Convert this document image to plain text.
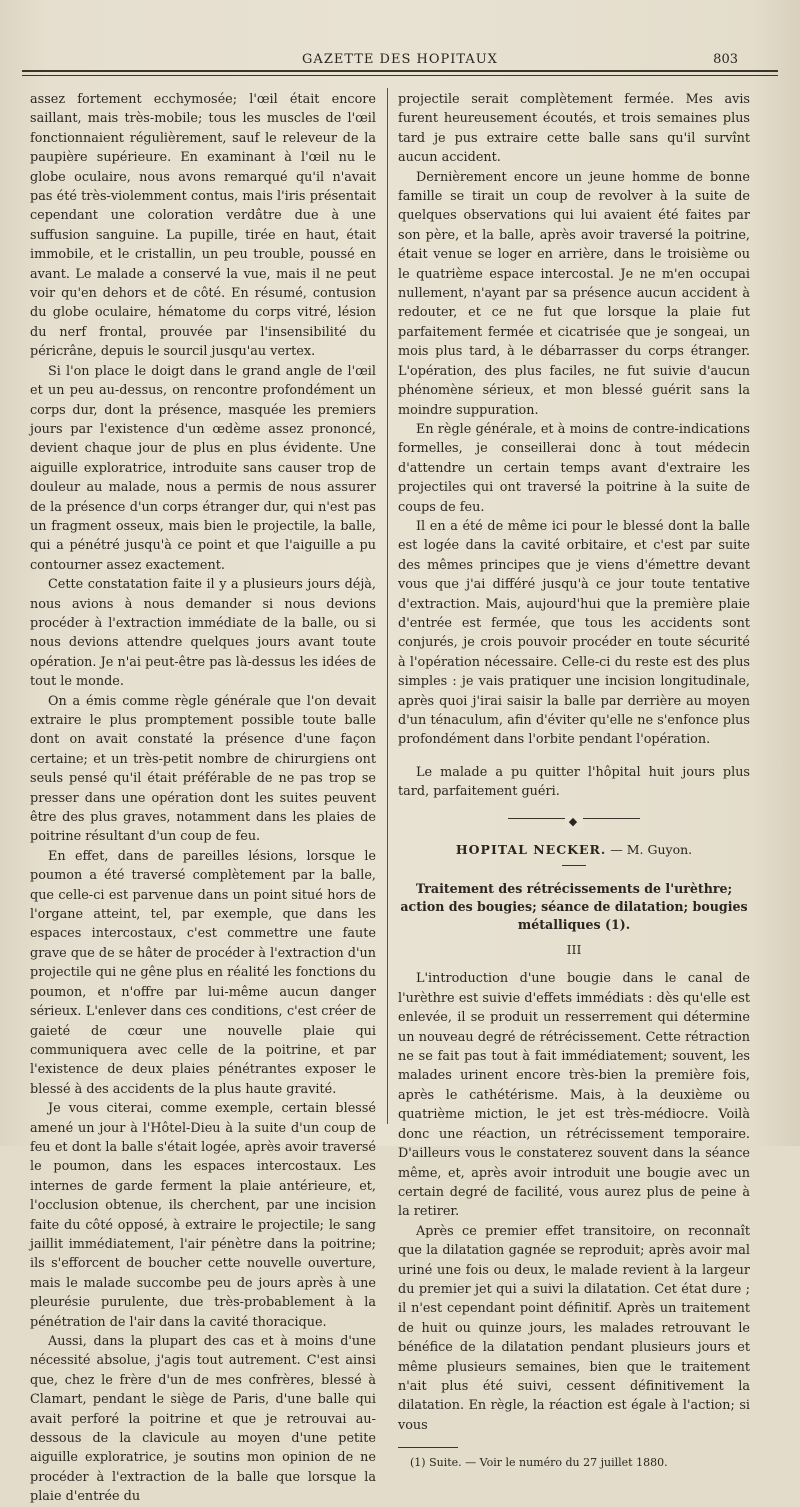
GAZETTE DES HOPITAUX	803

assez fortement ecchymosée; l'œil était encore saillant, mais très-mobile; tous les muscles de l'œil fonctionnaient régulièrement, sauf le releveur de la paupière supérieure. En examinant à l'œil nu le globe oculaire, nous avons remarqué qu'il n'avait pas été très-violemment contus, mais l'iris présentait cependant une coloration verdâtre due à une suffusion sanguine. La pupille, tirée en haut, était immobile, et le cristallin, un peu trouble, poussé en avant. Le malade a conservé la vue, mais il ne peut voir qu'en dehors et de côté. En résumé, contusion du globe oculaire, hématome du corps vitré, lésion du nerf frontal, prouvée par l'insensibilité du péricrâne, depuis le sourcil jusqu'au vertex.

Si l'on place le doigt dans le grand angle de l'œil et un peu au-dessus, on rencontre profondément un corps dur, dont la présence, masquée les premiers jours par l'existence d'un œdème assez prononcé, devient chaque jour de plus en plus évidente. Une aiguille exploratrice, introduite sans causer trop de douleur au malade, nous a permis de nous assurer de la présence d'un corps étranger dur, qui n'est pas un fragment osseux, mais bien le projectile, la balle, qui a pénétré jusqu'à ce point et que l'aiguille a pu contourner assez exactement.

Cette constatation faite il y a plusieurs jours déjà, nous avions à nous demander si nous devions procéder à l'extraction immédiate de la balle, ou si nous devions attendre quelques jours avant toute opération. Je n'ai peut-être pas là-dessus les idées de tout le monde.

On a émis comme règle générale que l'on devait extraire le plus promptement possible toute balle dont on avait constaté la présence d'une façon certaine; et un très-petit nombre de chirurgiens ont seuls pensé qu'il était préférable de ne pas trop se presser dans une opération dont les suites peuvent être des plus graves, notamment dans les plaies de poitrine résultant d'un coup de feu.

En effet, dans de pareilles lésions, lorsque le poumon a été traversé complètement par la balle, que celle-ci est parvenue dans un point situé hors de l'organe atteint, tel, par exemple, que dans les espaces intercostaux, c'est commettre une faute grave que de se hâter de procéder à l'extraction d'un projectile qui ne gêne plus en réalité les fonctions du poumon, et n'offre par lui-même aucun danger sérieux. L'enlever dans ces conditions, c'est créer de gaieté de cœur une nouvelle plaie qui communiquera avec celle de la poitrine, et par l'existence de deux plaies pénétrantes exposer le blessé à des accidents de la plus haute gravité.

Je vous citerai, comme exemple, certain blessé amené un jour à l'Hôtel-Dieu à la suite d'un coup de feu et dont la balle s'était logée, après avoir traversé le poumon, dans les espaces intercostaux. Les internes de garde ferment la plaie antérieure, et, l'occlusion obtenue, ils cherchent, par une incision faite du côté opposé, à extraire le projectile; le sang jaillit immédiatement, l'air pénètre dans la poitrine; ils s'efforcent de boucher cette nouvelle ouverture, mais le malade succombe peu de jours après à une pleurésie purulente, due très-probablement à la pénétration de l'air dans la cavité thoracique.

Aussi, dans la plupart des cas et à moins d'une nécessité absolue, j'agis tout autrement. C'est ainsi que, chez le frère d'un de mes confrères, blessé à Clamart, pendant le siège de Paris, d'une balle qui avait perforé la poitrine et que je retrouvai au-dessous de la clavicule au moyen d'une petite aiguille exploratrice, je soutins mon opinion de ne procéder à l'extraction de la balle que lorsque la plaie d'entrée du

projectile serait complètement fermée. Mes avis furent heureusement écoutés, et trois semaines plus tard je pus extraire cette balle sans qu'il survînt aucun accident.

Dernièrement encore un jeune homme de bonne famille se tirait un coup de revolver à la suite de quelques observations qui lui avaient été faites par son père, et la balle, après avoir traversé la poitrine, était venue se loger en arrière, dans le troisième ou le quatrième espace intercostal. Je ne m'en occupai nullement, n'ayant par sa présence aucun accident à redouter, et ce ne fut que lorsque la plaie fut parfaitement fermée et cicatrisée que je songeai, un mois plus tard, à le débarrasser du corps étranger. L'opération, des plus faciles, ne fut suivie d'aucun phénomène sérieux, et mon blessé guérit sans la moindre suppuration.

En règle générale, et à moins de contre-indications formelles, je conseillerai donc à tout médecin d'attendre un certain temps avant d'extraire les projectiles qui ont traversé la poitrine à la suite de coups de feu.

Il en a été de même ici pour le blessé dont la balle est logée dans la cavité orbitaire, et c'est par suite des mêmes principes que je viens d'émettre devant vous que j'ai différé jusqu'à ce jour toute tentative d'extraction. Mais, aujourd'hui que la première plaie d'entrée est fermée, que tous les accidents sont conjurés, je crois pouvoir procéder en toute sécurité à l'opération nécessaire. Celle-ci du reste est des plus simples : je vais pratiquer une incision longitudinale, après quoi j'irai saisir la balle par derrière au moyen d'un ténaculum, afin d'éviter qu'elle ne s'enfonce plus profondément dans l'orbite pendant l'opération.

Le malade a pu quitter l'hôpital huit jours plus tard, parfaitement guéri.

◆
HOPITAL NECKER. — M. Guyon.
Traitement des rétrécissements de l'urèthre; action des bougies; séance de dilatation; bougies métalliques (1).
III

L'introduction d'une bougie dans le canal de l'urèthre est suivie d'effets immédiats : dès qu'elle est enlevée, il se produit un resserrement qui détermine un nouveau degré de rétrécissement. Cette rétraction ne se fait pas tout à fait immédiatement; souvent, les malades urinent encore très-bien la première fois, après le cathétérisme. Mais, à la deuxième ou quatrième miction, le jet est très-médiocre. Voilà donc une réaction, un rétrécissement temporaire. D'ailleurs vous le constaterez souvent dans la séance même, et, après avoir introduit une bougie avec un certain degré de facilité, vous aurez plus de peine à la retirer.

Après ce premier effet transitoire, on reconnaît que la dilatation gagnée se reproduit; après avoir mal uriné une fois ou deux, le malade revient à la largeur du premier jet qui a suivi la dilatation. Cet état dure ; il n'est cependant point définitif. Après un traitement de huit ou quinze jours, les malades retrouvant le bénéfice de la dilatation pendant plusieurs jours et même plusieurs semaines, bien que le traitement n'ait plus été suivi, cessent définitivement la dilatation. En règle, la réaction est égale à l'action; si vous

(1) Suite. — Voir le numéro du 27 juillet 1880.
